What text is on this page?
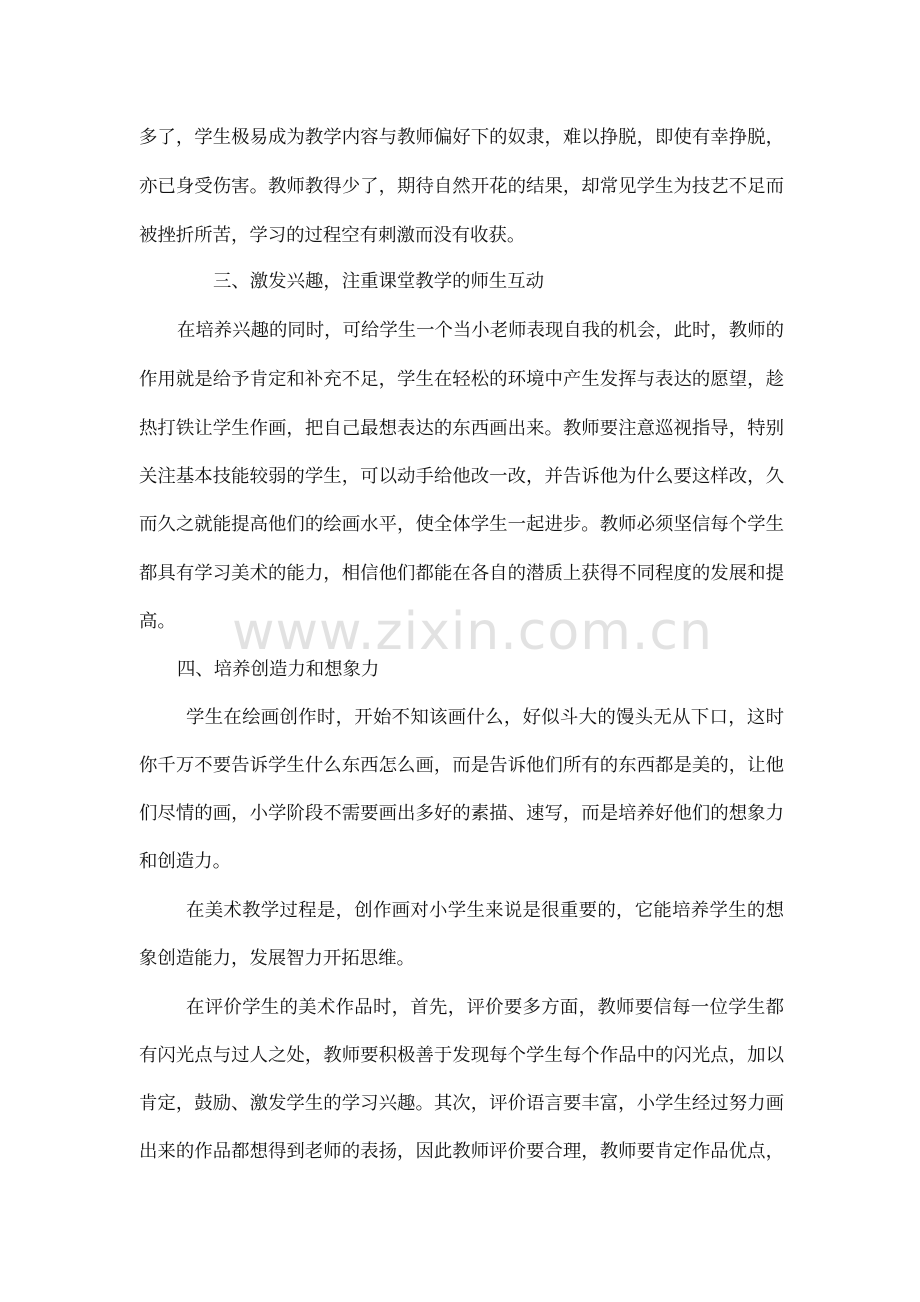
www.zixin.com.cn
多了，学生极易成为教学内容与教师偏好下的奴隶，难以挣脱，即使有幸挣脱，
亦已身受伤害。教师教得少了，期待自然开花的结果，却常见学生为技艺不足而
被挫折所苦，学习的过程空有刺激而没有收获。
三、激发兴趣，注重课堂教学的师生互动
在培养兴趣的同时，可给学生一个当小老师表现自我的机会，此时，教师的
作用就是给予肯定和补充不足，学生在轻松的环境中产生发挥与表达的愿望，趁
热打铁让学生作画，把自己最想表达的东西画出来。教师要注意巡视指导，特别
关注基本技能较弱的学生，可以动手给他改一改，并告诉他为什么要这样改，久
而久之就能提高他们的绘画水平，使全体学生一起进步。教师必须坚信每个学生
都具有学习美术的能力，相信他们都能在各自的潜质上获得不同程度的发展和提
高。
四、培养创造力和想象力
学生在绘画创作时，开始不知该画什么，好似斗大的馒头无从下口，这时
你千万不要告诉学生什么东西怎么画，而是告诉他们所有的东西都是美的，让他
们尽情的画，小学阶段不需要画出多好的素描、速写，而是培养好他们的想象力
和创造力。
在美术教学过程是，创作画对小学生来说是很重要的，它能培养学生的想
象创造能力，发展智力开拓思维。
在评价学生的美术作品时，首先，评价要多方面，教师要信每一位学生都
有闪光点与过人之处，教师要积极善于发现每个学生每个作品中的闪光点，加以
肯定，鼓励、激发学生的学习兴趣。其次，评价语言要丰富，小学生经过努力画
出来的作品都想得到老师的表扬，因此教师评价要合理，教师要肯定作品优点，
